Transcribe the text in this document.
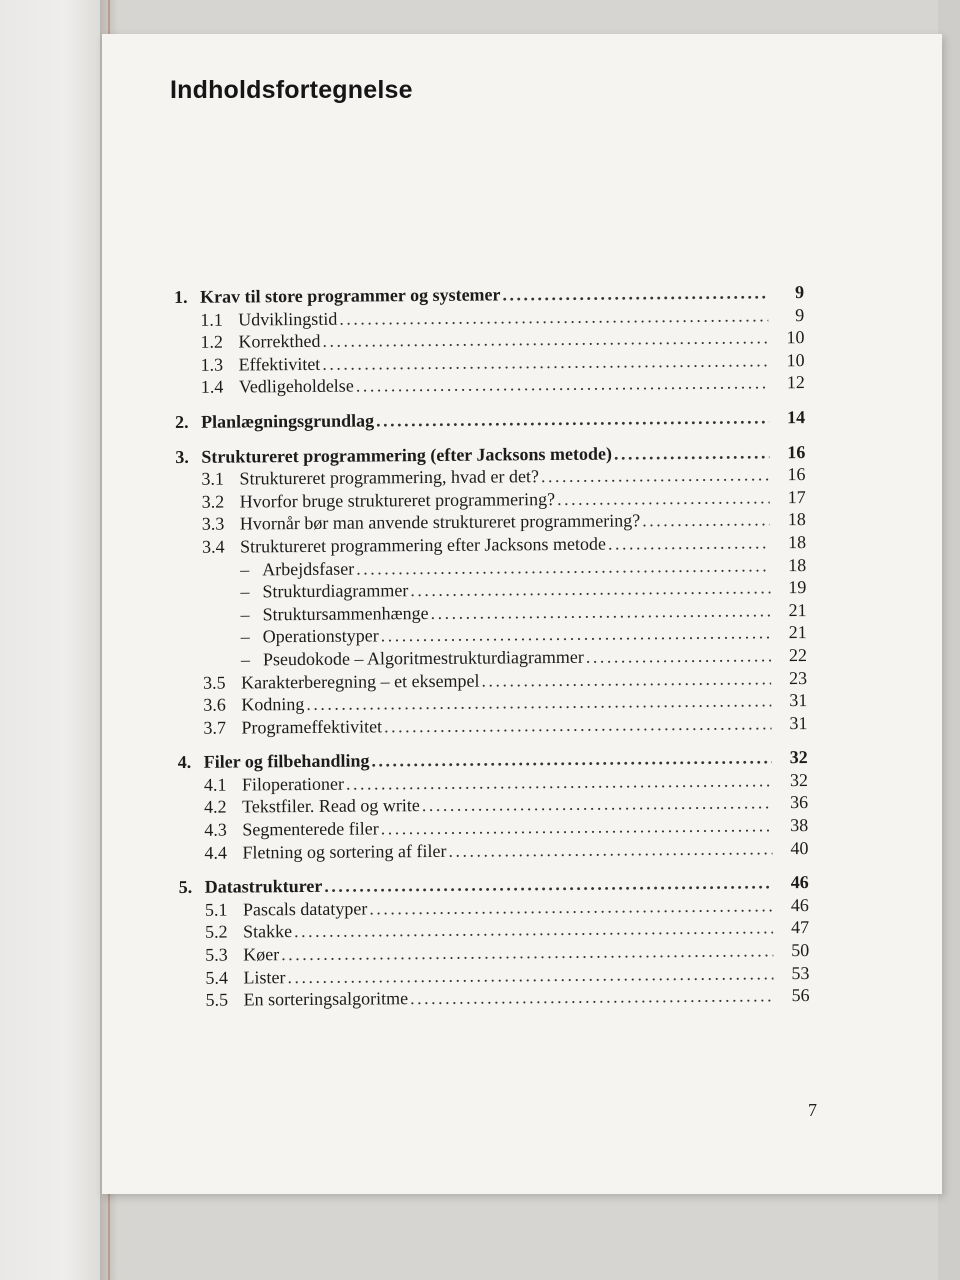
Indholdsfortegnelse
1. Krav til store programmer og systemer .....	9
1.1 Udviklingstid .....	9
1.2 Korrekthed .....	10
1.3 Effektivitet .....	10
1.4 Vedligeholdelse .....	12
2. Planlægningsgrundlag .....	14
3. Struktureret programmering (efter Jacksons metode) .....	16
3.1 Struktureret programmering, hvad er det? .....	16
3.2 Hvorfor bruge struktureret programmering? .....	17
3.3 Hvornår bør man anvende struktureret programmering? .....	18
3.4 Struktureret programmering efter Jacksons metode .....	18
– Arbejdsfaser .....	18
– Strukturdiagrammer .....	19
– Struktursammenhænge .....	21
– Operationstyper .....	21
– Pseudokode – Algoritmestrukturdiagrammer .....	22
3.5 Karakterberegning – et eksempel .....	23
3.6 Kodning .....	31
3.7 Programeffektivitet .....	31
4. Filer og filbehandling .....	32
4.1 Filoperationer .....	32
4.2 Tekstfiler. Read og write .....	36
4.3 Segmenterede filer .....	38
4.4 Fletning og sortering af filer .....	40
5. Datastrukturer .....	46
5.1 Pascals datatyper .....	46
5.2 Stakke .....	47
5.3 Køer .....	50
5.4 Lister .....	53
5.5 En sorteringsalgoritme .....	56
7
